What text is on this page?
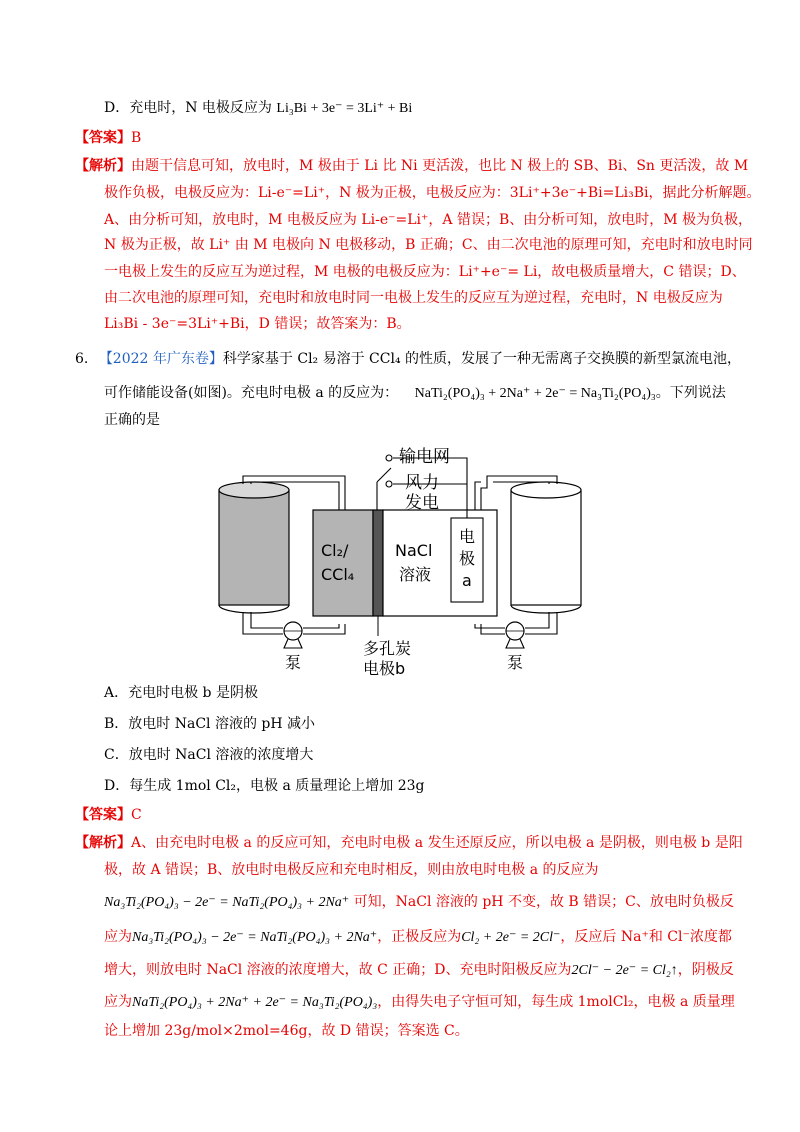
D．充电时，N 电极反应为 Li₃Bi + 3e⁻ = 3Li⁺ + Bi
【答案】B
【解析】由题干信息可知，放电时，M 极由于 Li 比 Ni 更活泼，也比 N 极上的 SB、Bi、Sn 更活泼，故 M
极作负极，电极反应为：Li-e⁻=Li⁺，N 极为正极，电极反应为：3Li⁺+3e⁻+Bi=Li₃Bi，据此分析解题。
A、由分析可知，放电时，M 电极反应为 Li-e⁻=Li⁺，A 错误；B、由分析可知，放电时，M 极为负极，
N 极为正极，故 Li⁺ 由 M 电极向 N 电极移动，B 正确；C、由二次电池的原理可知，充电时和放电时同
一电极上发生的反应互为逆过程，M 电极的电极反应为：Li⁺+e⁻= Li，故电极质量增大，C 错误；D、
由二次电池的原理可知，充电时和放电时同一电极上发生的反应互为逆过程，充电时，N 电极反应为
Li₃Bi - 3e⁻=3Li⁺+Bi，D 错误；故答案为：B。
6. 【2022 年广东卷】科学家基于 Cl₂ 易溶于 CCl₄ 的性质，发展了一种无需离子交换膜的新型氯流电池，
可作储能设备(如图)。充电时电极 a 的反应为： NaTi₂(PO₄)₃ + 2Na⁺ + 2e⁻ = Na₃Ti₂(PO₄)₃。下列说法
正确的是
输电网
风力
发电
Cl₂/
CCl₄
NaCl
溶液
电
极
a
多孔炭
电极b
泵	泵
A．充电时电极 b 是阴极
B．放电时 NaCl 溶液的 pH 减小
C．放电时 NaCl 溶液的浓度增大
D．每生成 1mol Cl₂，电极 a 质量理论上增加 23g
【答案】C
【解析】A、由充电时电极 a 的反应可知，充电时电极 a 发生还原反应，所以电极 a 是阴极，则电极 b 是阳
极，故 A 错误；B、放电时电极反应和充电时相反，则由放电时电极 a 的反应为
Na₃Ti₂(PO₄)₃ − 2e⁻ = NaTi₂(PO₄)₃ + 2Na⁺ 可知，NaCl 溶液的 pH 不变，故 B 错误；C、放电时负极反
应为Na₃Ti₂(PO₄)₃ − 2e⁻ = NaTi₂(PO₄)₃ + 2Na⁺，正极反应为Cl₂ + 2e⁻ = 2Cl⁻，反应后 Na⁺和 Cl⁻浓度都
增大，则放电时 NaCl 溶液的浓度增大，故 C 正确；D、充电时阳极反应为2Cl⁻ − 2e⁻ = Cl₂↑，阴极反
应为NaTi₂(PO₄)₃ + 2Na⁺ + 2e⁻ = Na₃Ti₂(PO₄)₃，由得失电子守恒可知，每生成 1molCl₂，电极 a 质量理
论上增加 23g/mol×2mol=46g，故 D 错误；答案选 C。
